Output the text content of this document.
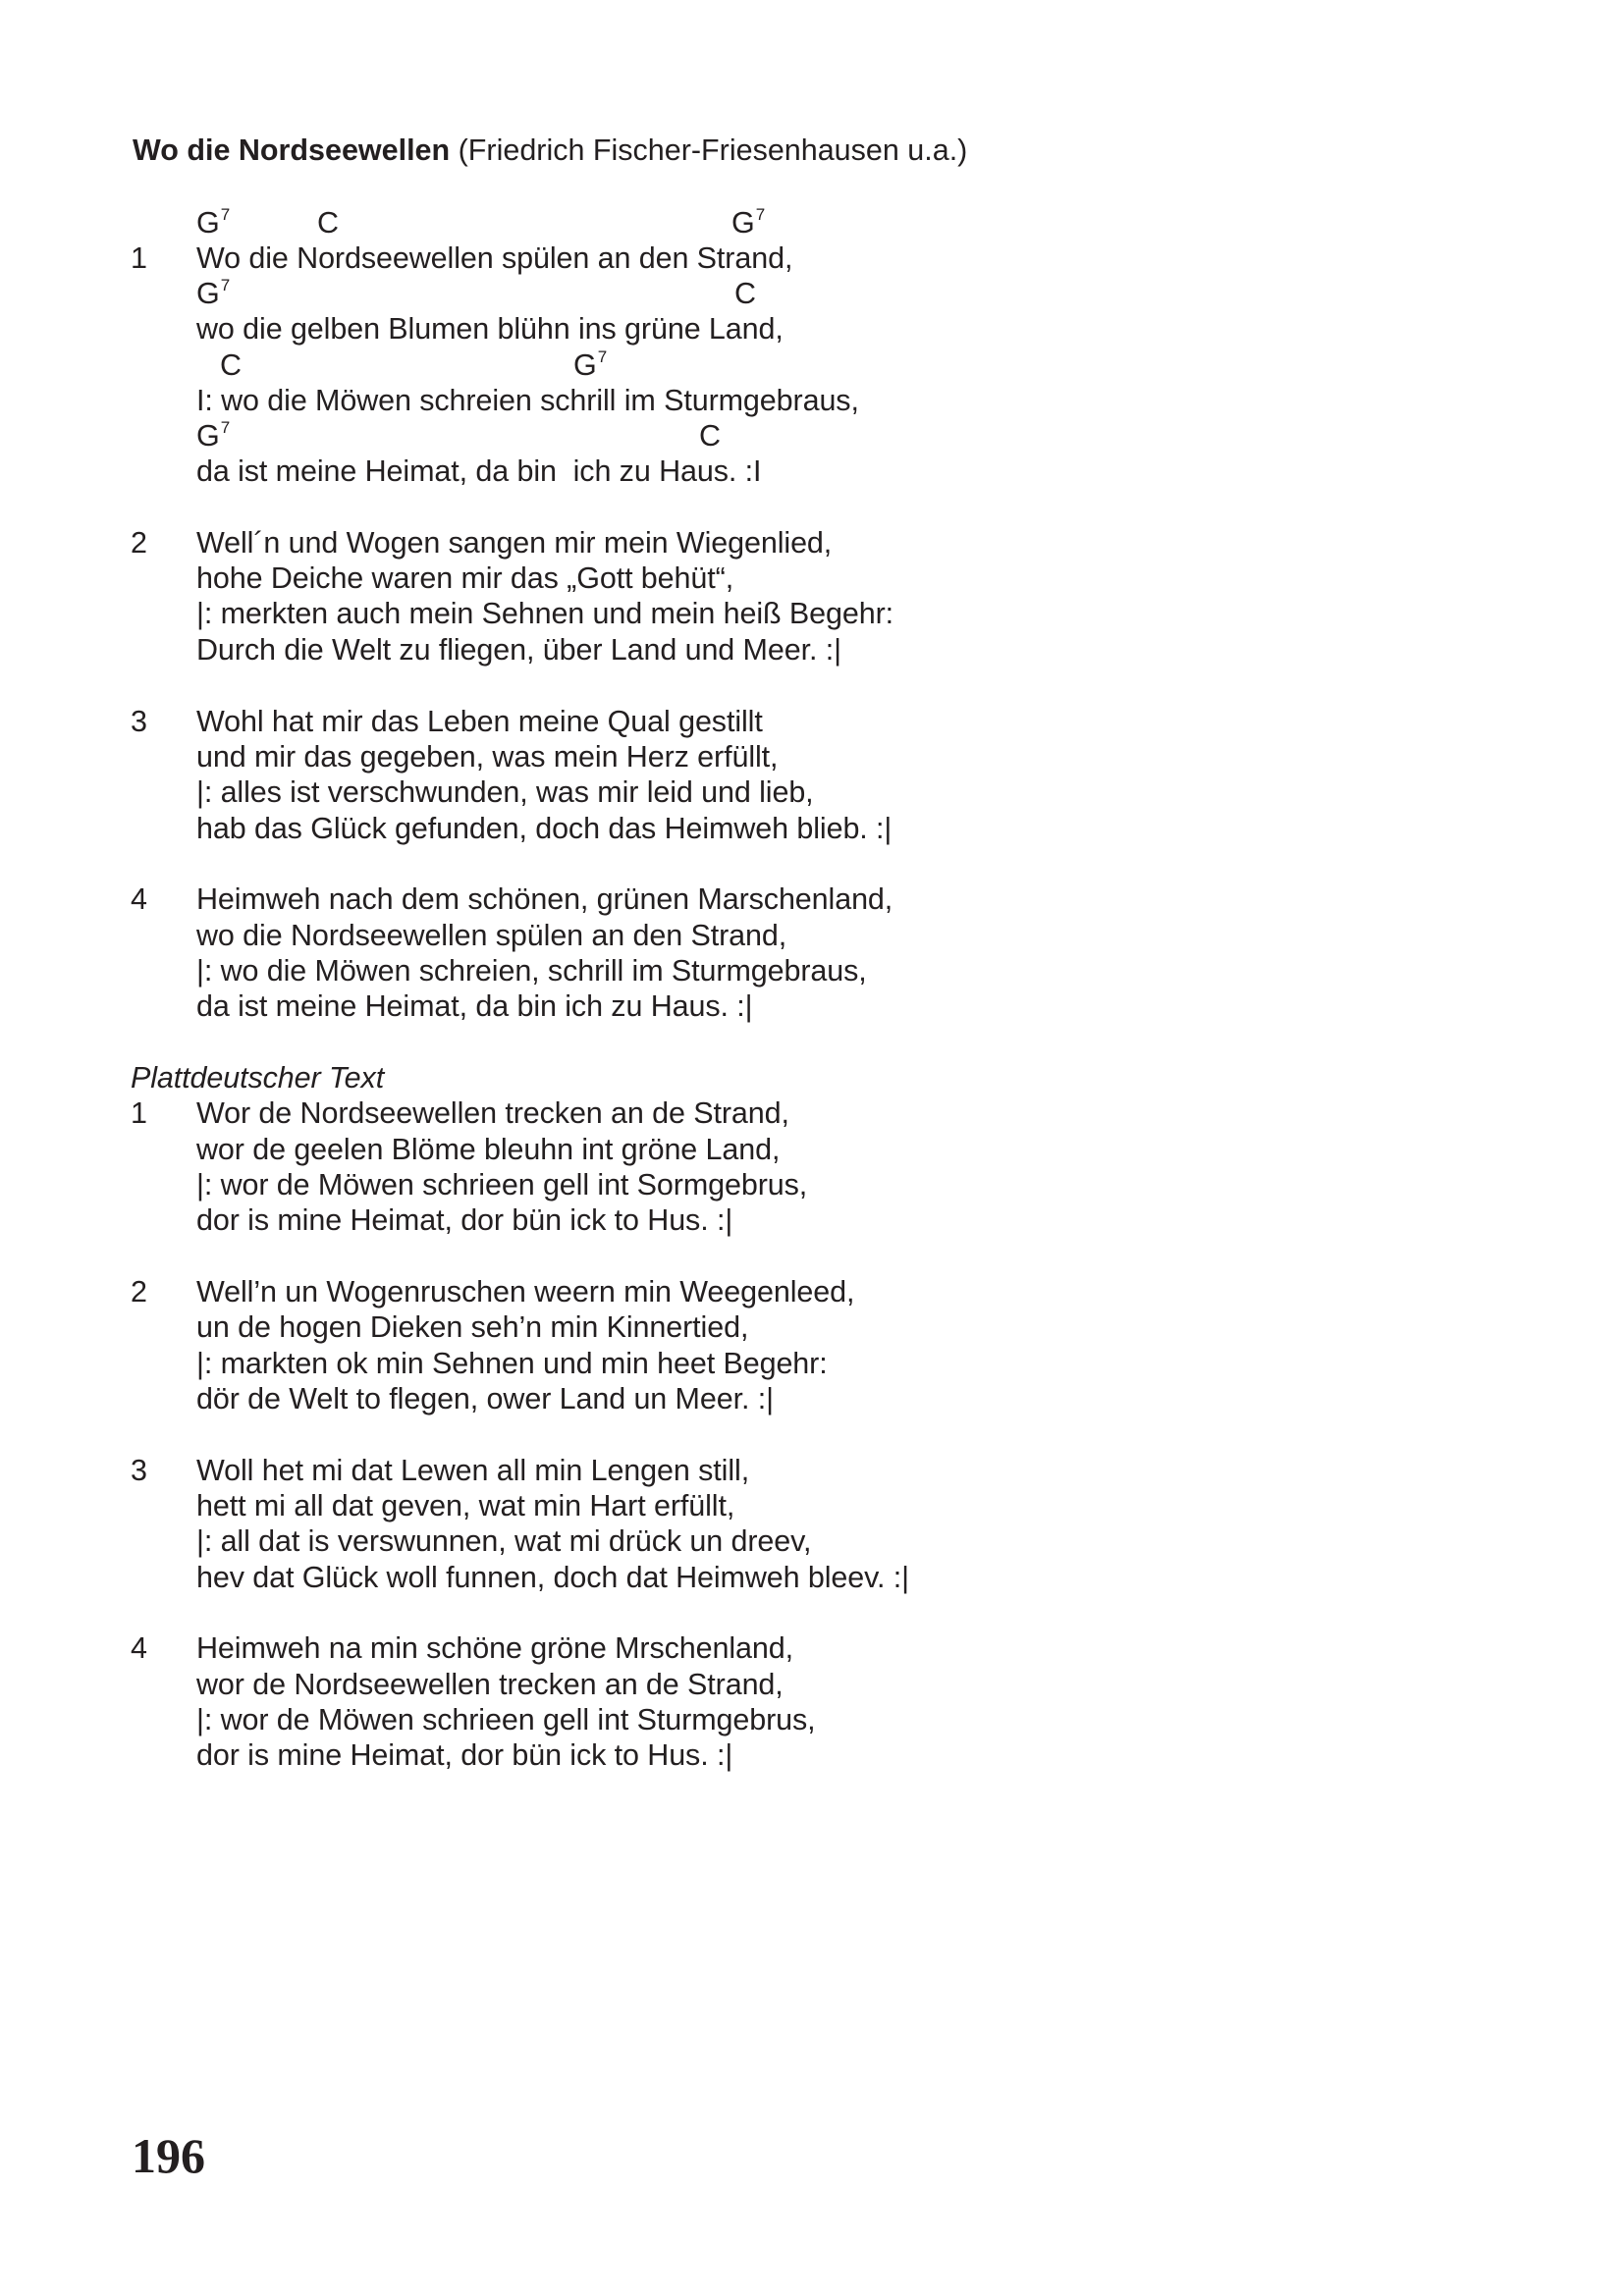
Wo die Nordseewellen (Friedrich Fischer-Friesenhausen u.a.)
$G^7$	C	$G^7$
1 Wo die Nordseewellen spülen an den Strand,
$G^7$	C
wo die gelben Blumen blühn ins grüne Land,
C	$G^7$
I: wo die Möwen schreien schrill im Sturmgebraus,
$G^7$	C
da ist meine Heimat, da bin  ich zu Haus. :I
2 Well´n und Wogen sangen mir mein Wiegenlied,
hohe Deiche waren mir das „Gott behüt“,
|: merkten auch mein Sehnen und mein heiß Begehr:
Durch die Welt zu fliegen, über Land und Meer. :|
3 Wohl hat mir das Leben meine Qual gestillt
und mir das gegeben, was mein Herz erfüllt,
|: alles ist verschwunden, was mir leid und lieb,
hab das Glück gefunden, doch das Heimweh blieb. :|
4 Heimweh nach dem schönen, grünen Marschenland,
wo die Nordseewellen spülen an den Strand,
|: wo die Möwen schreien, schrill im Sturmgebraus,
da ist meine Heimat, da bin ich zu Haus. :|
Plattdeutscher Text
1 Wor de Nordseewellen trecken an de Strand,
wor de geelen Blöme bleuhn int gröne Land,
|: wor de Möwen schrieen gell int Sormgebrus,
dor is mine Heimat, dor bün ick to Hus. :|
2 Well’n un Wogenruschen weern min Weegenleed,
un de hogen Dieken seh’n min Kinnertied,
|: markten ok min Sehnen und min heet Begehr:
dör de Welt to flegen, ower Land un Meer. :|
3 Woll het mi dat Lewen all min Lengen still,
hett mi all dat geven, wat min Hart erfüllt,
|: all dat is verswunnen, wat mi drück un dreev,
hev dat Glück woll funnen, doch dat Heimweh bleev. :|
4 Heimweh na min schöne gröne Mrschenland,
wor de Nordseewellen trecken an de Strand,
|: wor de Möwen schrieen gell int Sturmgebrus,
dor is mine Heimat, dor bün ick to Hus. :|
196
